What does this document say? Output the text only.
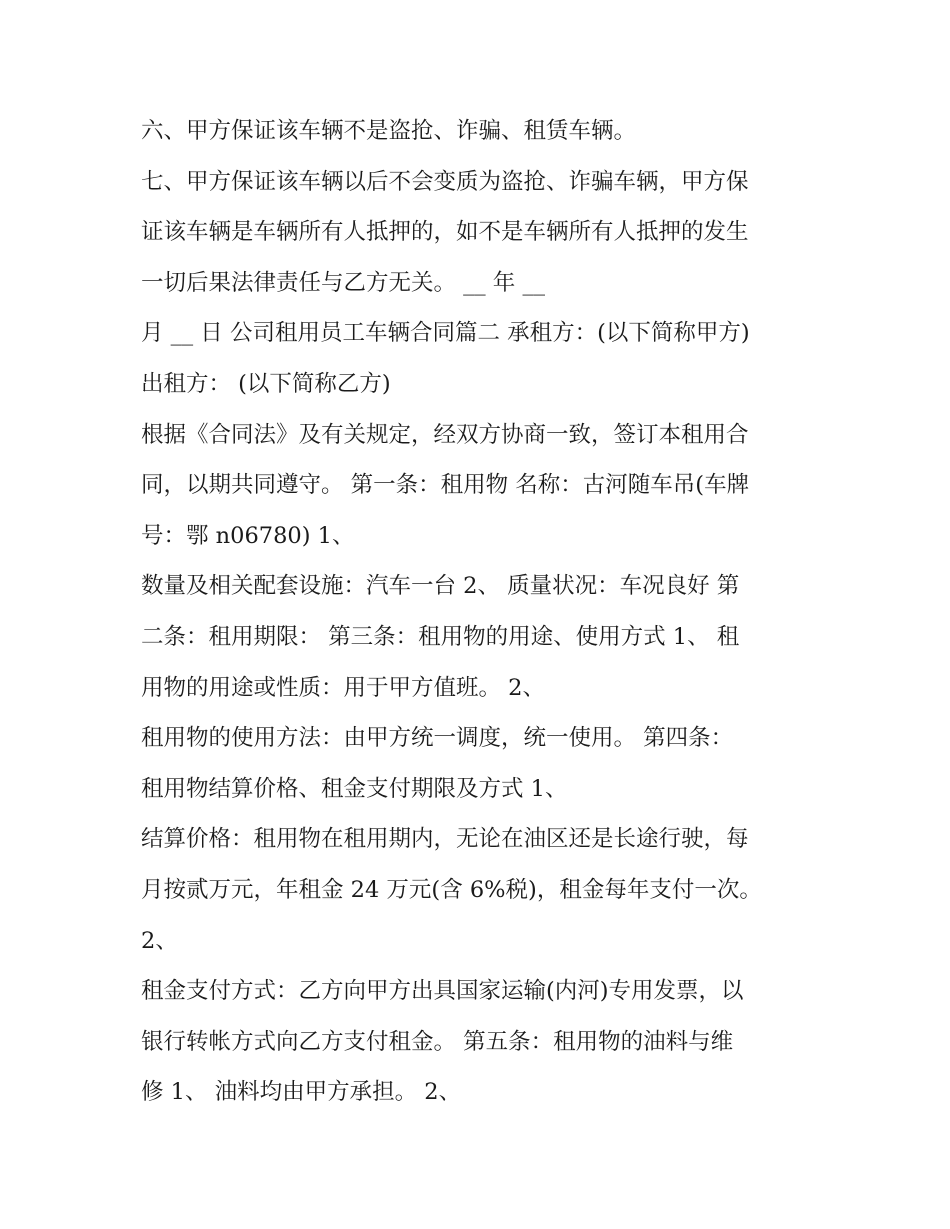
六、甲方保证该车辆不是盗抢、诈骗、租赁车辆。

七、甲方保证该车辆以后不会变质为盗抢、诈骗车辆，甲方保

证该车辆是车辆所有人抵押的，如不是车辆所有人抵押的发生

一切后果法律责任与乙方无关。 __ 年 __

月 __ 日 公司租用员工车辆合同篇二 承租方：(以下简称甲方)

出租方： (以下简称乙方)

根据《合同法》及有关规定，经双方协商一致，签订本租用合

同，以期共同遵守。 第一条：租用物 名称：古河随车吊(车牌

号：鄂 n06780) 1、

数量及相关配套设施：汽车一台 2、 质量状况：车况良好 第

二条：租用期限： 第三条：租用物的用途、使用方式 1、 租

用物的用途或性质：用于甲方值班。 2、

租用物的使用方法：由甲方统一调度，统一使用。 第四条：

租用物结算价格、租金支付期限及方式 1、

结算价格：租用物在租用期内，无论在油区还是长途行驶，每

月按贰万元，年租金 24 万元(含 6%税)，租金每年支付一次。

2、

租金支付方式：乙方向甲方出具国家运输(内河)专用发票，以

银行转帐方式向乙方支付租金。 第五条：租用物的油料与维

修 1、 油料均由甲方承担。 2、
